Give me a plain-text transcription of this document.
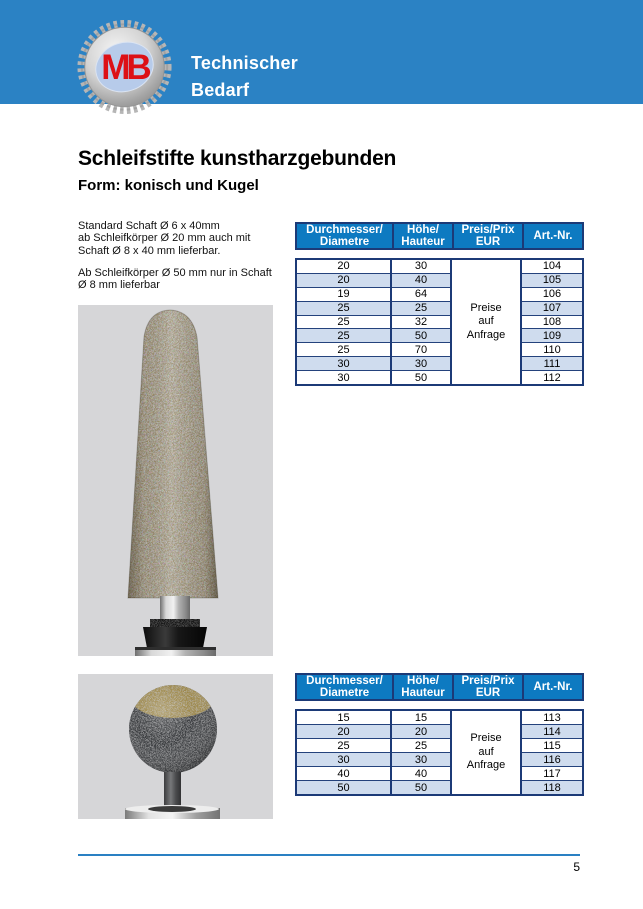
Technischer
Bedarf
MB
Schleifstifte kunstharzgebunden
Form: konisch und Kugel
Standard Schaft Ø 6 x 40mm
ab Schleifkörper Ø 20 mm auch mit
Schaft Ø 8 x 40 mm lieferbar.
Ab Schleifkörper Ø 50 mm nur in Schaft
Ø 8 mm lieferbar
Durchmesser/
Diametre
Höhe/
Hauteur
Preis/Prix
EUR	Art.-Nr.
20
20
19
25
25
25
25
30
30
30
40
64
25
32
50
70
30
50
Preise
auf
Anfrage
104
105
106
107
108
109
110
111
112
Durchmesser/
Diametre
Höhe/
Hauteur
Preis/Prix
EUR	Art.-Nr.
15
20
25
30
40
50
15
20
25
30
40
50
Preise
auf
Anfrage
113
114
115
116
117
118
5
